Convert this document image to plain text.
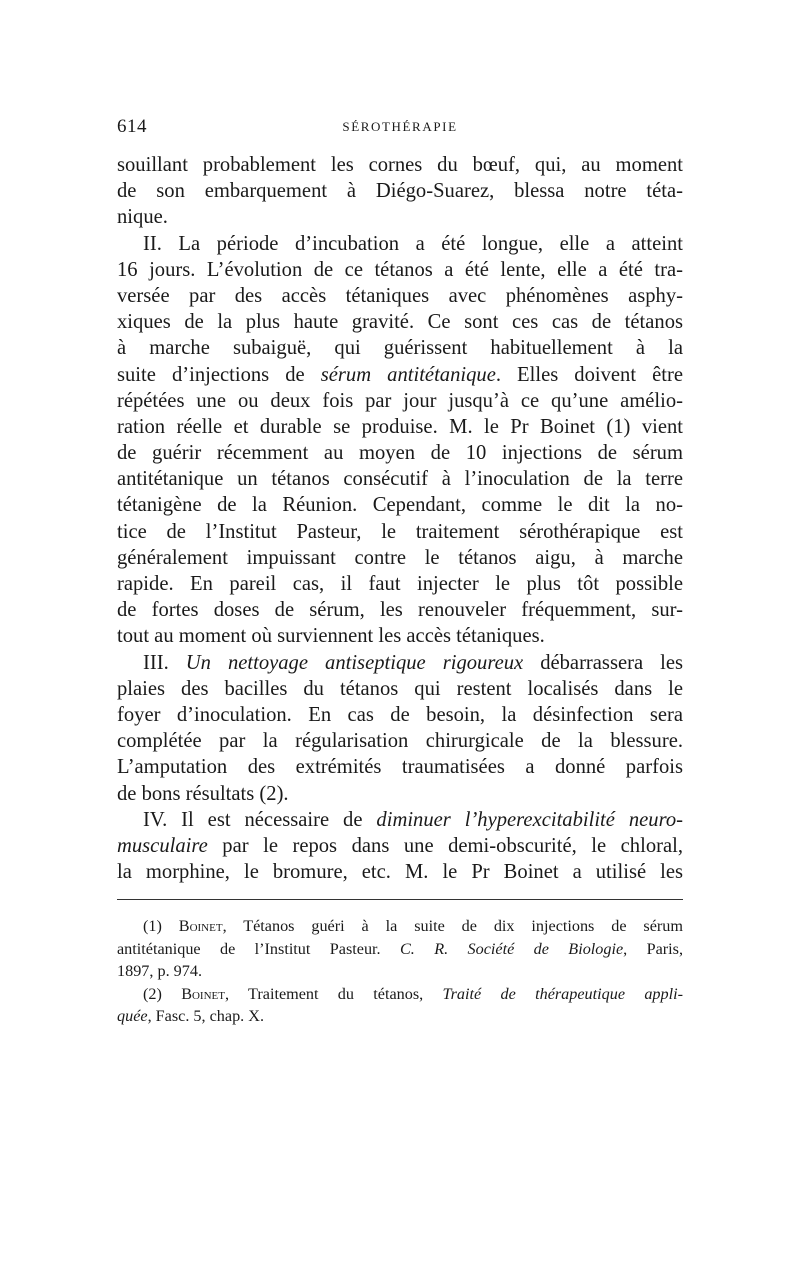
614	SÉROTHÉRAPIE
souillant probablement les cornes du bœuf, qui, au moment
de son embarquement à Diégo-Suarez, blessa notre téta-
nique.
II. La période d’incubation a été longue, elle a atteint
16 jours. L’évolution de ce tétanos a été lente, elle a été tra-
versée par des accès tétaniques avec phénomènes asphy-
xiques de la plus haute gravité. Ce sont ces cas de tétanos
à marche subaiguë, qui guérissent habituellement à la
suite d’injections de sérum antitétanique. Elles doivent être
répétées une ou deux fois par jour jusqu’à ce qu’une amélio-
ration réelle et durable se produise. M. le Pr Boinet (1) vient
de guérir récemment au moyen de 10 injections de sérum
antitétanique un tétanos consécutif à l’inoculation de la terre
tétanigène de la Réunion. Cependant, comme le dit la no-
tice de l’Institut Pasteur, le traitement sérothérapique est
généralement impuissant contre le tétanos aigu, à marche
rapide. En pareil cas, il faut injecter le plus tôt possible
de fortes doses de sérum, les renouveler fréquemment, sur-
tout au moment où surviennent les accès tétaniques.
III. Un nettoyage antiseptique rigoureux débarrassera les
plaies des bacilles du tétanos qui restent localisés dans le
foyer d’inoculation. En cas de besoin, la désinfection sera
complétée par la régularisation chirurgicale de la blessure.
L’amputation des extrémités traumatisées a donné parfois
de bons résultats (2).
IV. Il est nécessaire de diminuer l’hyperexcitabilité neuro-
musculaire par le repos dans une demi-obscurité, le chloral,
la morphine, le bromure, etc. M. le Pr Boinet a utilisé les
(1) Boinet, Tétanos guéri à la suite de dix injections de sérum
antitétanique de l’Institut Pasteur. C. R. Société de Biologie, Paris,
1897, p. 974.
(2) Boinet, Traitement du tétanos, Traité de thérapeutique appli-
quée, Fasc. 5, chap. X.
